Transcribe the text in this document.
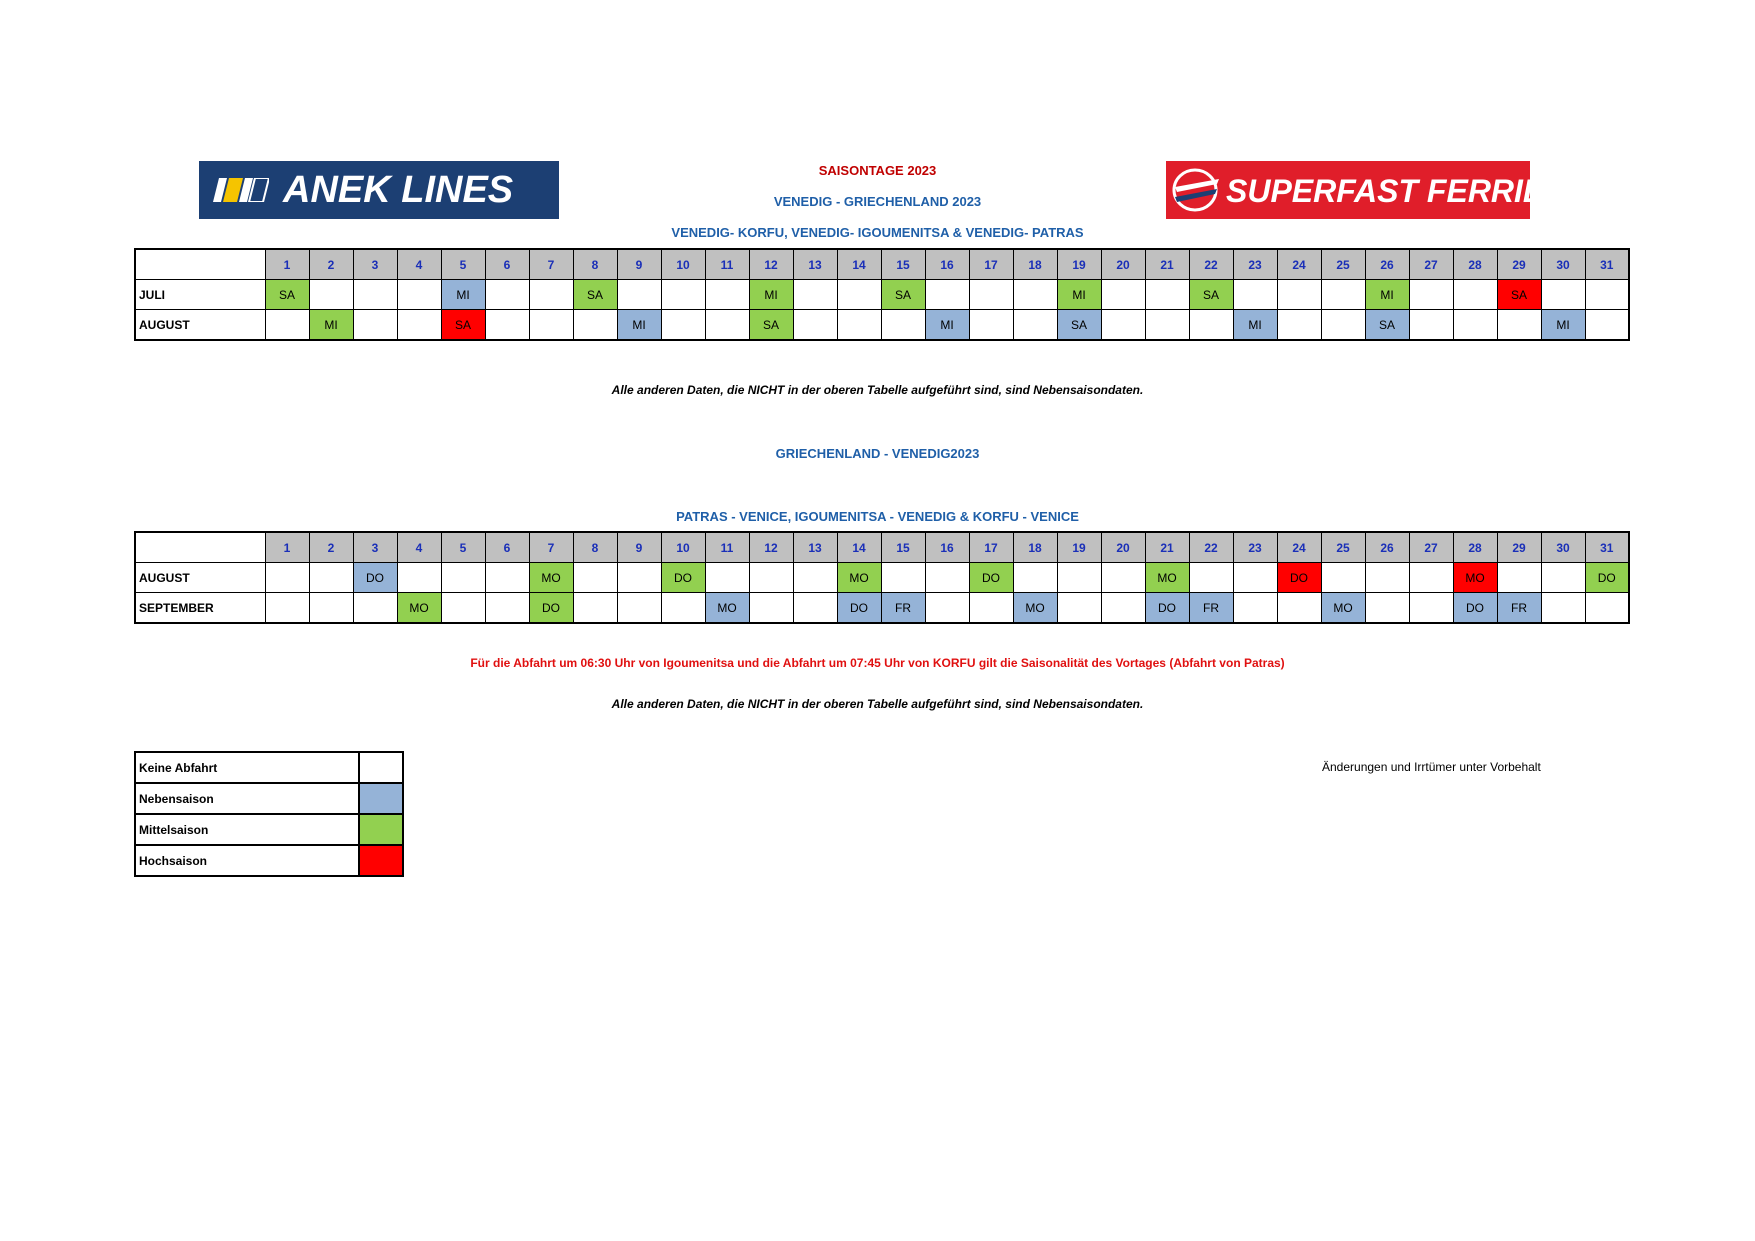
ANEK LINES	SUPERFAST FERRIES®
SAISONTAGE 2023
VENEDIG - GRIECHENLAND 2023
VENEDIG- KORFU, VENEDIG- IGOUMENITSA & VENEDIG- PATRAS
	1	2	3	4	5	6	7	8	9	10	11	12	13	14	15	16	17	18	19	20	21	22	23	24	25	26	27	28	29	30	31
JULI	SA				MI			SA				MI			SA				MI			SA				MI			SA		
AUGUST		MI			SA				MI			SA				MI			SA				MI			SA				MI	
Alle anderen Daten, die NICHT in der oberen Tabelle aufgeführt sind, sind Nebensaisondaten.
GRIECHENLAND - VENEDIG2023
PATRAS - VENICE, IGOUMENITSA - VENEDIG & KORFU - VENICE
	1	2	3	4	5	6	7	8	9	10	11	12	13	14	15	16	17	18	19	20	21	22	23	24	25	26	27	28	29	30	31
AUGUST			DO				MO			DO				MO			DO				MO			DO				MO			DO
SEPTEMBER				MO			DO				MO			DO	FR			MO			DO	FR			MO			DO	FR		
Für die Abfahrt um 06:30 Uhr von Igoumenitsa und die Abfahrt um 07:45 Uhr von KORFU gilt die Saisonalität des Vortages (Abfahrt von Patras)
Alle anderen Daten, die NICHT in der oberen Tabelle aufgeführt sind, sind Nebensaisondaten.
Keine Abfahrt	
Nebensaison	
Mittelsaison	
Hochsaison	
Änderungen und Irrtümer unter Vorbehalt
